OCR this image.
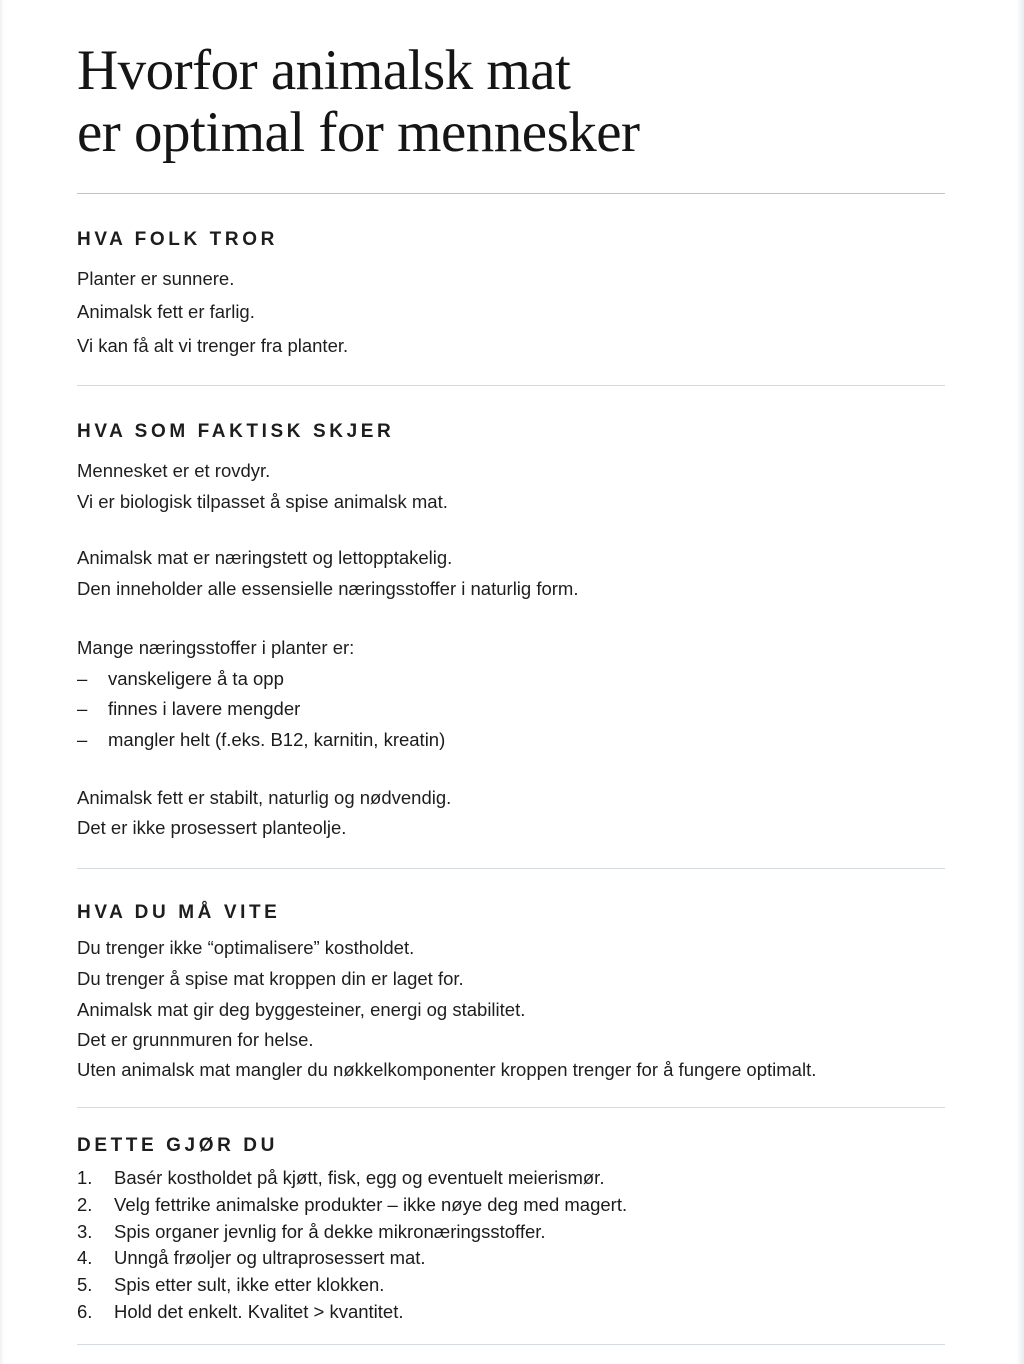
Hvorfor animalsk mat
er optimal for mennesker
HVA FOLK TROR
Planter er sunnere.
Animalsk fett er farlig.
Vi kan få alt vi trenger fra planter.
HVA SOM FAKTISK SKJER
Mennesket er et rovdyr.
Vi er biologisk tilpasset å spise animalsk mat.
Animalsk mat er næringstett og lettopptakelig.
Den inneholder alle essensielle næringsstoffer i naturlig form.
Mange næringsstoffer i planter er:
– vanskeligere å ta opp
– finnes i lavere mengder
– mangler helt (f.eks. B12, karnitin, kreatin)
Animalsk fett er stabilt, naturlig og nødvendig.
Det er ikke prosessert planteolje.
HVA DU MÅ VITE
Du trenger ikke “optimalisere” kostholdet.
Du trenger å spise mat kroppen din er laget for.
Animalsk mat gir deg byggesteiner, energi og stabilitet.
Det er grunnmuren for helse.
Uten animalsk mat mangler du nøkkelkomponenter kroppen trenger for å fungere optimalt.
DETTE GJØR DU
1. Basér kostholdet på kjøtt, fisk, egg og eventuelt meierismør.
2. Velg fettrike animalske produkter – ikke nøye deg med magert.
3. Spis organer jevnlig for å dekke mikronæringsstoffer.
4. Unngå frøoljer og ultraprosessert mat.
5. Spis etter sult, ikke etter klokken.
6. Hold det enkelt. Kvalitet > kvantitet.
